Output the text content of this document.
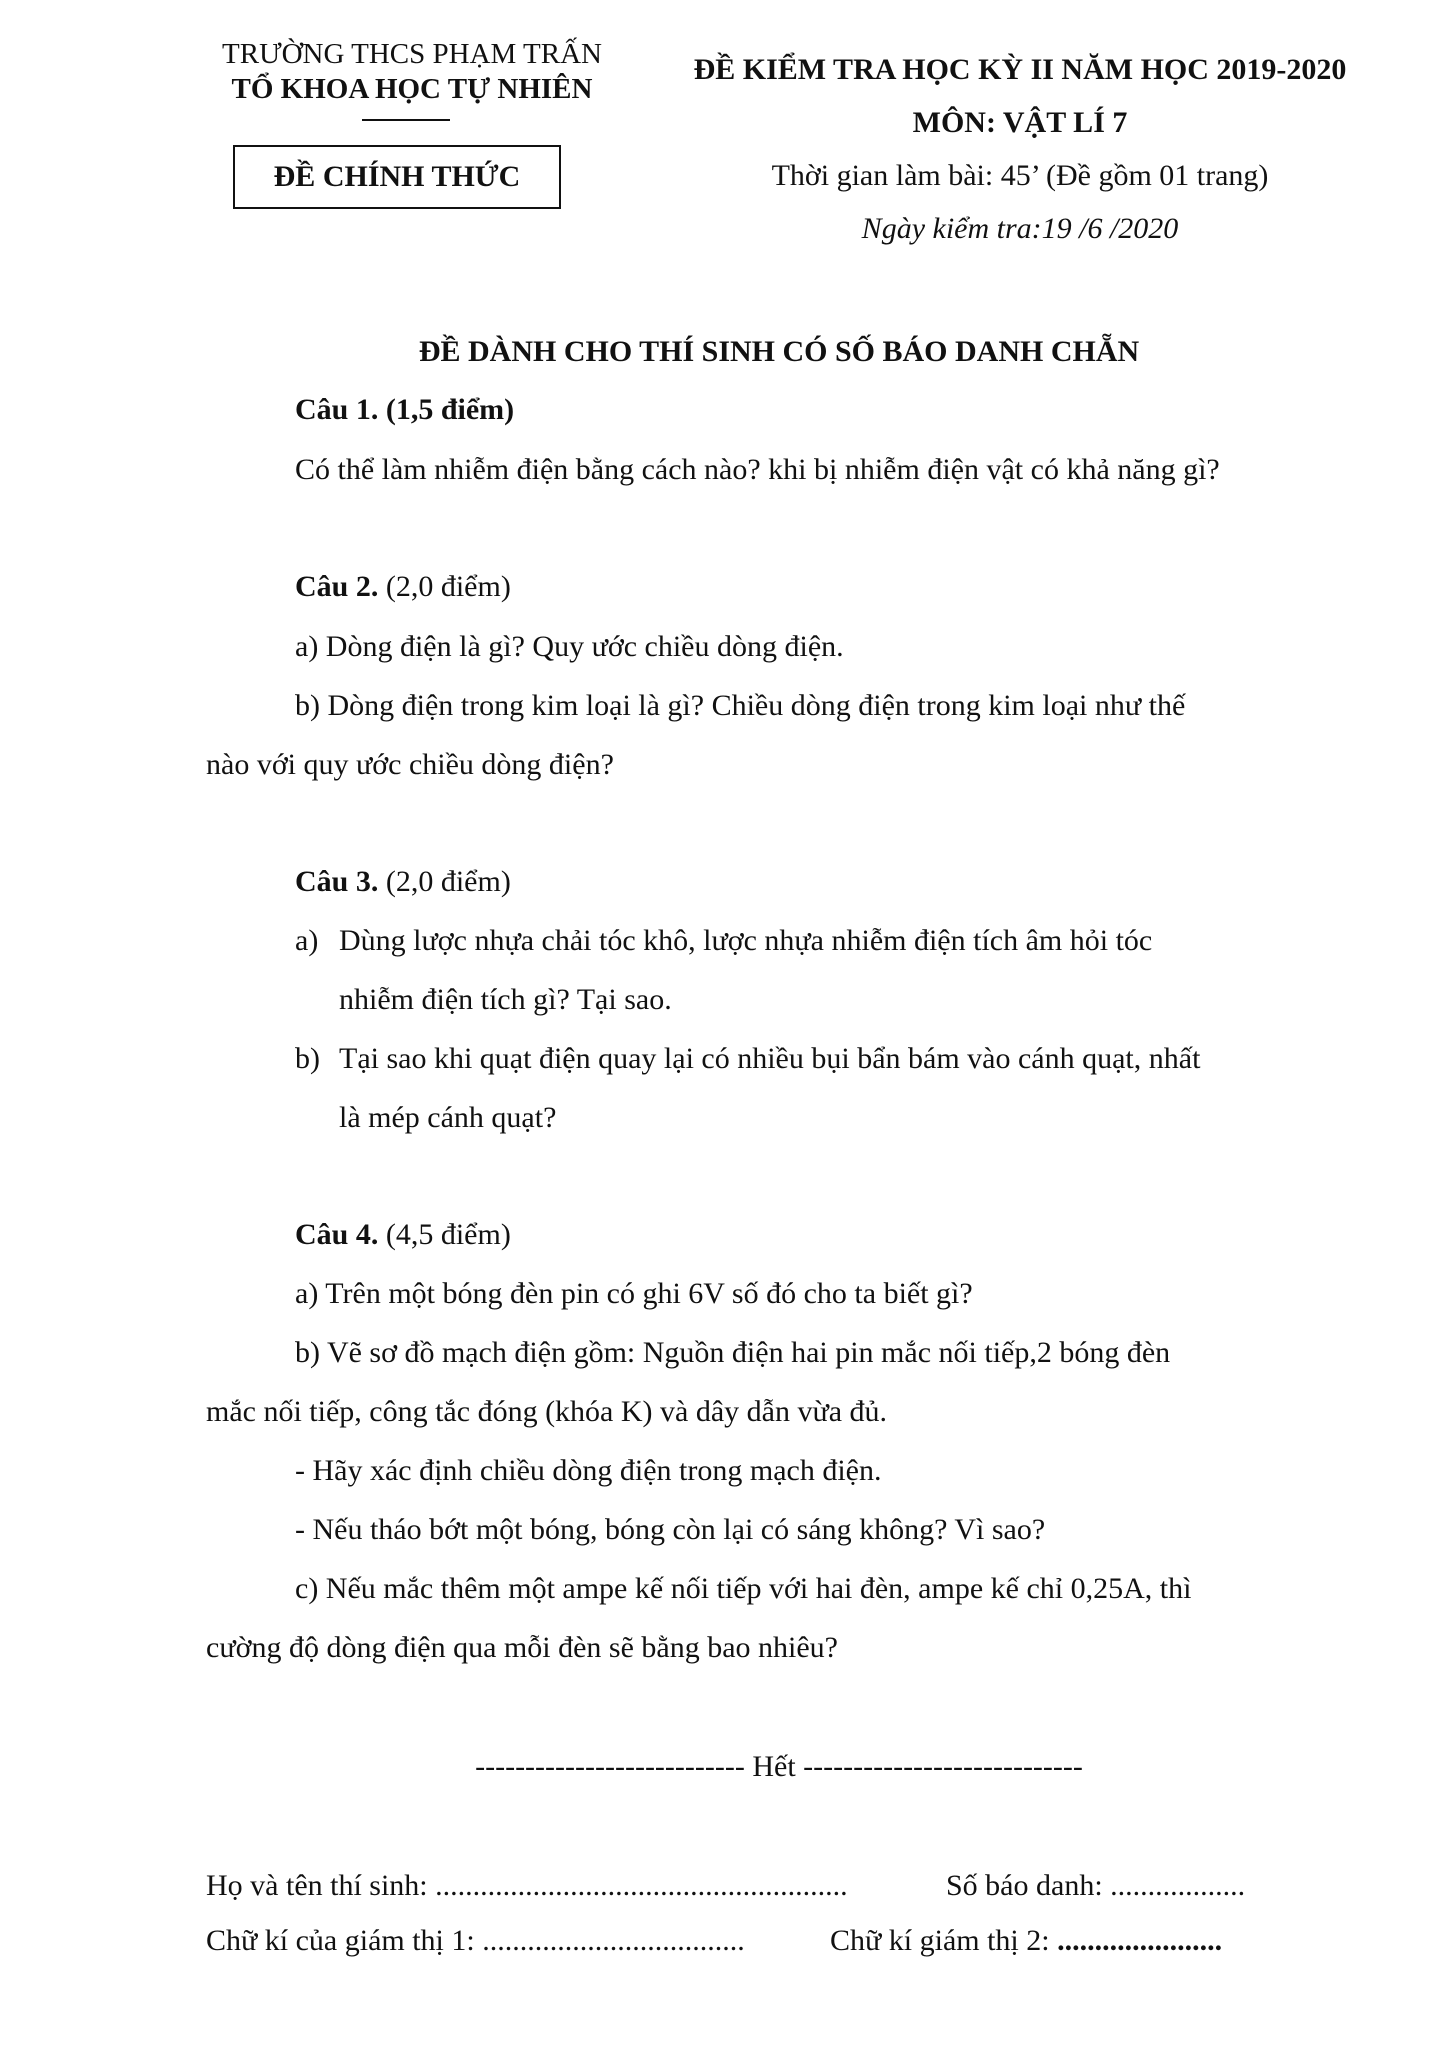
TRƯỜNG THCS PHẠM TRẤN
TỔ KHOA HỌC TỰ NHIÊN
ĐỀ CHÍNH THỨC
ĐỀ KIỂM TRA HỌC KỲ II NĂM HỌC 2019-2020
MÔN: VẬT LÍ 7
Thời gian làm bài: 45’ (Đề gồm 01 trang)
Ngày kiểm tra:19 /6 /2020
ĐỀ DÀNH CHO THÍ SINH CÓ SỐ BÁO DANH CHẴN
Câu 1. (1,5 điểm)
Có thể làm nhiễm điện bằng cách nào? khi bị nhiễm điện vật có khả năng gì?
Câu 2. (2,0 điểm)
a) Dòng điện là gì? Quy ước chiều dòng điện.
b) Dòng điện trong kim loại là gì? Chiều dòng điện trong kim loại như thế
nào với quy ước chiều dòng điện?
Câu 3. (2,0 điểm)
a) Dùng lược nhựa chải tóc khô, lược nhựa nhiễm điện tích âm hỏi tóc
nhiễm điện tích gì? Tại sao.
b) Tại sao khi quạt điện quay lại có nhiều bụi bẩn bám vào cánh quạt, nhất
là mép cánh quạt?
Câu 4. (4,5 điểm)
a) Trên một bóng đèn pin có ghi 6V số đó cho ta biết gì?
b) Vẽ sơ đồ mạch điện gồm: Nguồn điện hai pin mắc nối tiếp,2 bóng đèn
mắc nối tiếp, công tắc đóng (khóa K) và dây dẫn vừa đủ.
- Hãy xác định chiều dòng điện trong mạch điện.
- Nếu tháo bớt một bóng, bóng còn lại có sáng không? Vì sao?
c) Nếu mắc thêm một ampe kế nối tiếp với hai đèn, ampe kế chỉ 0,25A, thì
cường độ dòng điện qua mỗi đèn sẽ bằng bao nhiêu?
--------------------------- Hết ----------------------------
Họ và tên thí sinh: .......................................................	Số báo danh: ..................
Chữ kí của giám thị 1: ...................................	Chữ kí giám thị 2: ......................
